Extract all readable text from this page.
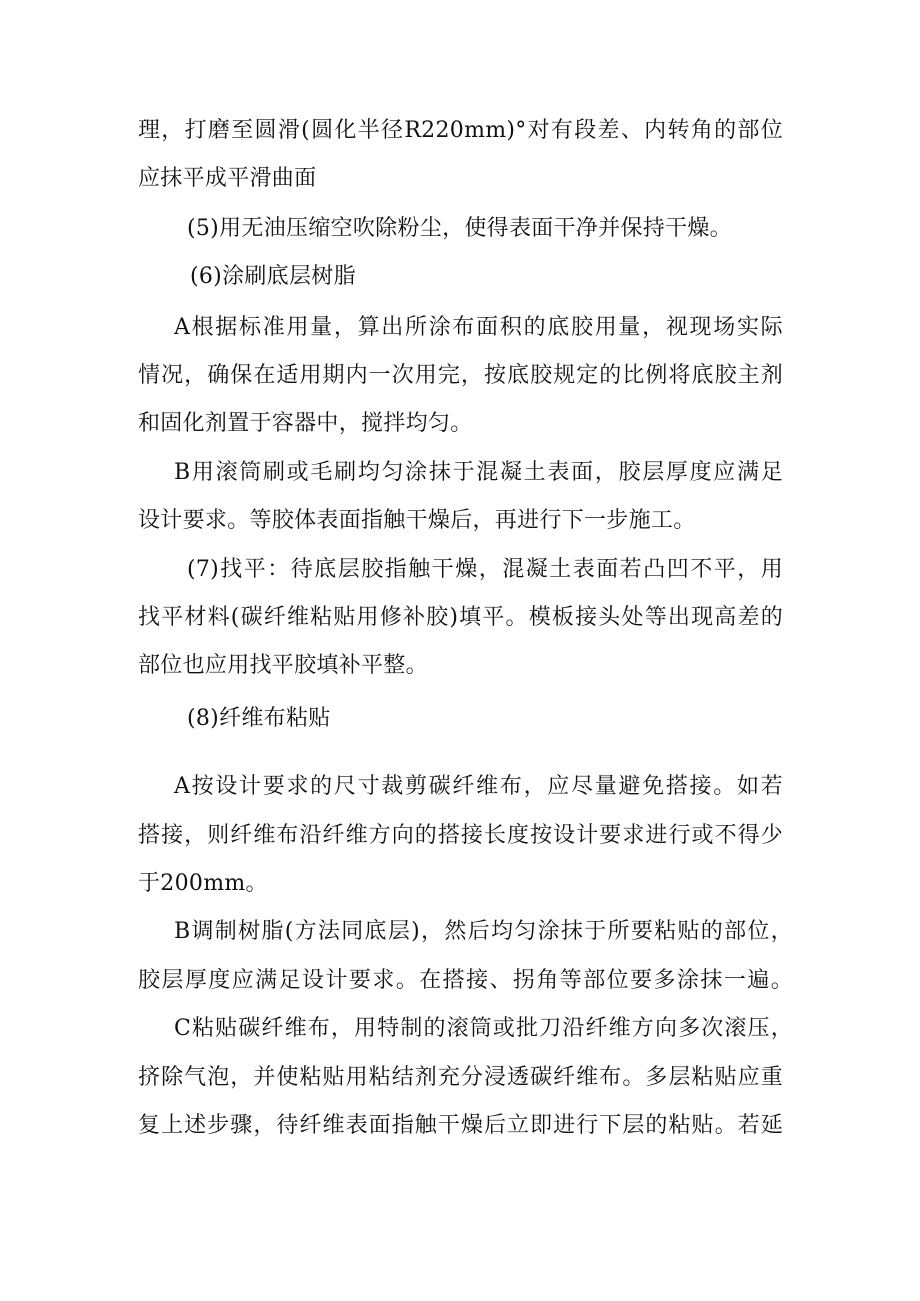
理，打磨至圆滑(圆化半径R220mm)°对有段差、内转角的部位
应抹平成平滑曲面
(5)用无油压缩空吹除粉尘，使得表面干净并保持干燥。
(6)涂刷底层树脂
A根据标准用量，算出所涂布面积的底胶用量，视现场实际
情况，确保在适用期内一次用完，按底胶规定的比例将底胶主剂
和固化剂置于容器中，搅拌均匀。
B用滚筒刷或毛刷均匀涂抹于混凝土表面，胶层厚度应满足
设计要求。等胶体表面指触干燥后，再进行下一步施工。
(7)找平：待底层胶指触干燥，混凝土表面若凸凹不平，用
找平材料(碳纤维粘贴用修补胶)填平。模板接头处等出现高差的
部位也应用找平胶填补平整。
(8)纤维布粘贴
A按设计要求的尺寸裁剪碳纤维布，应尽量避免搭接。如若
搭接，则纤维布沿纤维方向的搭接长度按设计要求进行或不得少
于200mm。
B调制树脂(方法同底层)，然后均匀涂抹于所要粘贴的部位，
胶层厚度应满足设计要求。在搭接、拐角等部位要多涂抹一遍。
C粘贴碳纤维布，用特制的滚筒或批刀沿纤维方向多次滚压，
挤除气泡，并使粘贴用粘结剂充分浸透碳纤维布。多层粘贴应重
复上述步骤，待纤维表面指触干燥后立即进行下层的粘贴。若延
